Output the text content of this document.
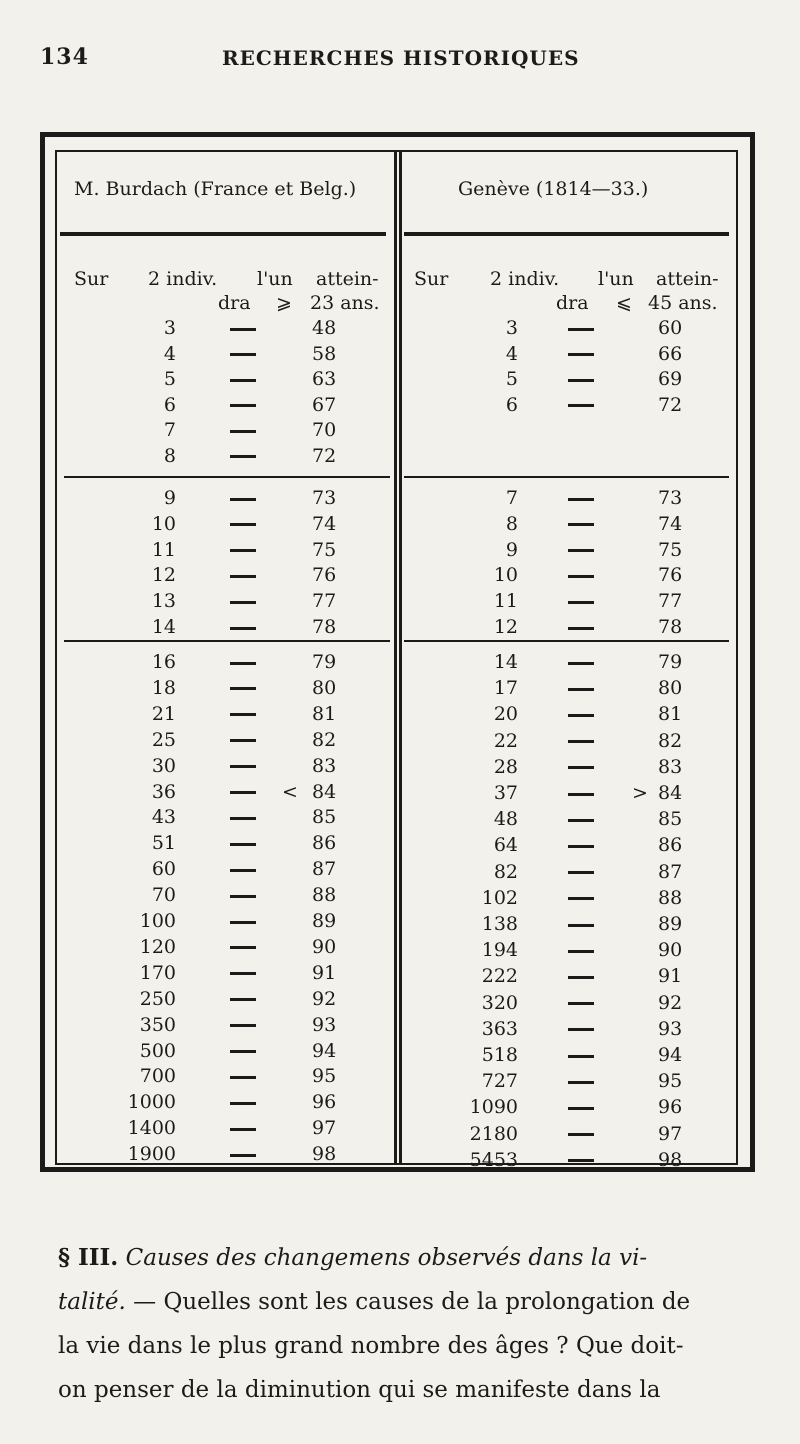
134	RECHERCHES HISTORIQUES
M. Burdach (France et Belg.)	Genève (1814—33.)
Sur 2 indiv. l'un attein-
dra ⩾ 23 ans.
Sur 2 indiv. l'un attein-
dra ⩽ 45 ans.
3	48
4	58
5	63
6	67
7	70
8	72
9	73
10	74
11	75
12	76
13	77
14	78
16	79
18	80
21	81
25	82
30	83
36	< 84
43	85
51	86
60	87
70	88
100	89
120	90
170	91
250	92
350	93
500	94
700	95
1000	96
1400	97
1900	98
3	60
4	66
5	69
6	72
7	73
8	74
9	75
10	76
11	77
12	78
14	79
17	80
20	81
22	82
28	83
37	> 84
48	85
64	86
82	87
102	88
138	89
194	90
222	91
320	92
363	93
518	94
727	95
1090	96
2180	97
5453	98
§ III. Causes des changemens observés dans la vi-
talité. — Quelles sont les causes de la prolongation de
la vie dans le plus grand nombre des âges ? Que doit-
on penser de la diminution qui se manifeste dans la
